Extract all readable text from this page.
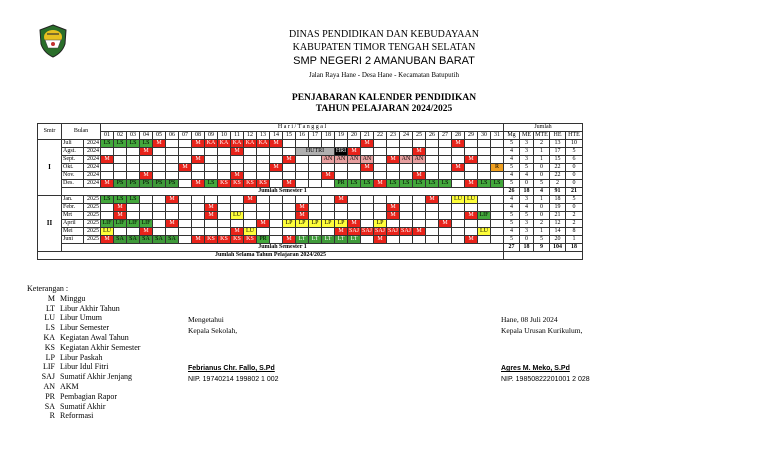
DINAS PENDIDIKAN DAN KEBUDAYAAN
KABUPATEN TIMOR TENGAH SELATAN
SMP NEGERI 2 AMANUBAN BARAT
Jalan Raya Hane - Desa Hane - Kecamatan Batuputih
PENJABARAN KALENDER PENDIDIKAN
TAHUN PELAJARAN 2024/2025
Smtr	Bulan		H a r i / T a n g g a l																															Jumlah				
			01	02	03	04	05	06	07	08	09	10	11	12	13	14	15	16	17	18	19	20	21	22	23	24	25	26	27	28	29	30	31	Mg	ME	MTE	HE	HTE
I	Juli	2024	LS	LS	LS	LS	M			M	KA	KA	KA	KA	KA	M							M							M				5	3	2	13	10
	Agst.	2024				M							M					HUTRI			HRI	M					M							4	3	1	17	5
	Sept.	2024	M							M							M			AN	AN	AN	AN		M	AN	AN				M			4	3	1	15	6
	Okt.	2024							M							M							M							M			R	5	5	0	22	0
	Nov.	2024				M							M							M							M							4	4	0	22	0
	Des.	2024	M	PS	PS	PS	PS	PS		M	LS	KS	KS	KS	KS		M				PR	LS	LS	M	LS	LS	LS	LS	LS		M	LS	LS	5	0	5	2	0
	Jumlah Semester 1																																	26	18	4	91	21
II	Jan.	2025	LS	LS	LS			M						M							M							M		LU	LU			4	3	1	18	5
	Febr.	2025		M							M							M							M									4	4	0	19	0
	Mrt	2025		M							M		LU					M							M						M	LIF		5	5	0	21	2
	April	2025	LIF	LIF	LIF	LIF		M							M		LP	LP	LP	LP	LP	M		LP					M					5	3	2	12	2
	Mei	2025	LU			M							M	LU							M	SAJ	SAJ	SAJ	SAJ	SAJ	M					LU		4	3	1	14	8
	Juni	2025	M	SA	SA	SA	SA	SA		M	KS	KS	KS	KS	PR		M	LT	LT	LT	LT	LT		M							M			5	0	5	20	1
	Jumlah Semester 1																																	27	18	9	104	18
Jumlah Selama Tahun Pelajaran 2024/2025																																						
Keterangan :
M Minggu
LT Libur Akhir Tahun
LU Libur Umum
LS Libur Semester
KA Kegiatan Awal Tahun
KS Kegiatan Akhir Semester
LP Libur Paskah
LIF Libur Idul Fitri
SAJ Sumatif Akhir Jenjang
AN AKM
PR Pembagian Rapor
SA Sumatif Akhir
R Reformasi
Mengetahui
Kepala Sekolah,
Febrianus Chr. Fallo, S.Pd
NIP. 19740214 199802 1 002
Hane, 08 Juli 2024
Kepala Urusan Kurikulum,
Agres M. Meko, S.Pd
NIP. 19850822201001 2 028
